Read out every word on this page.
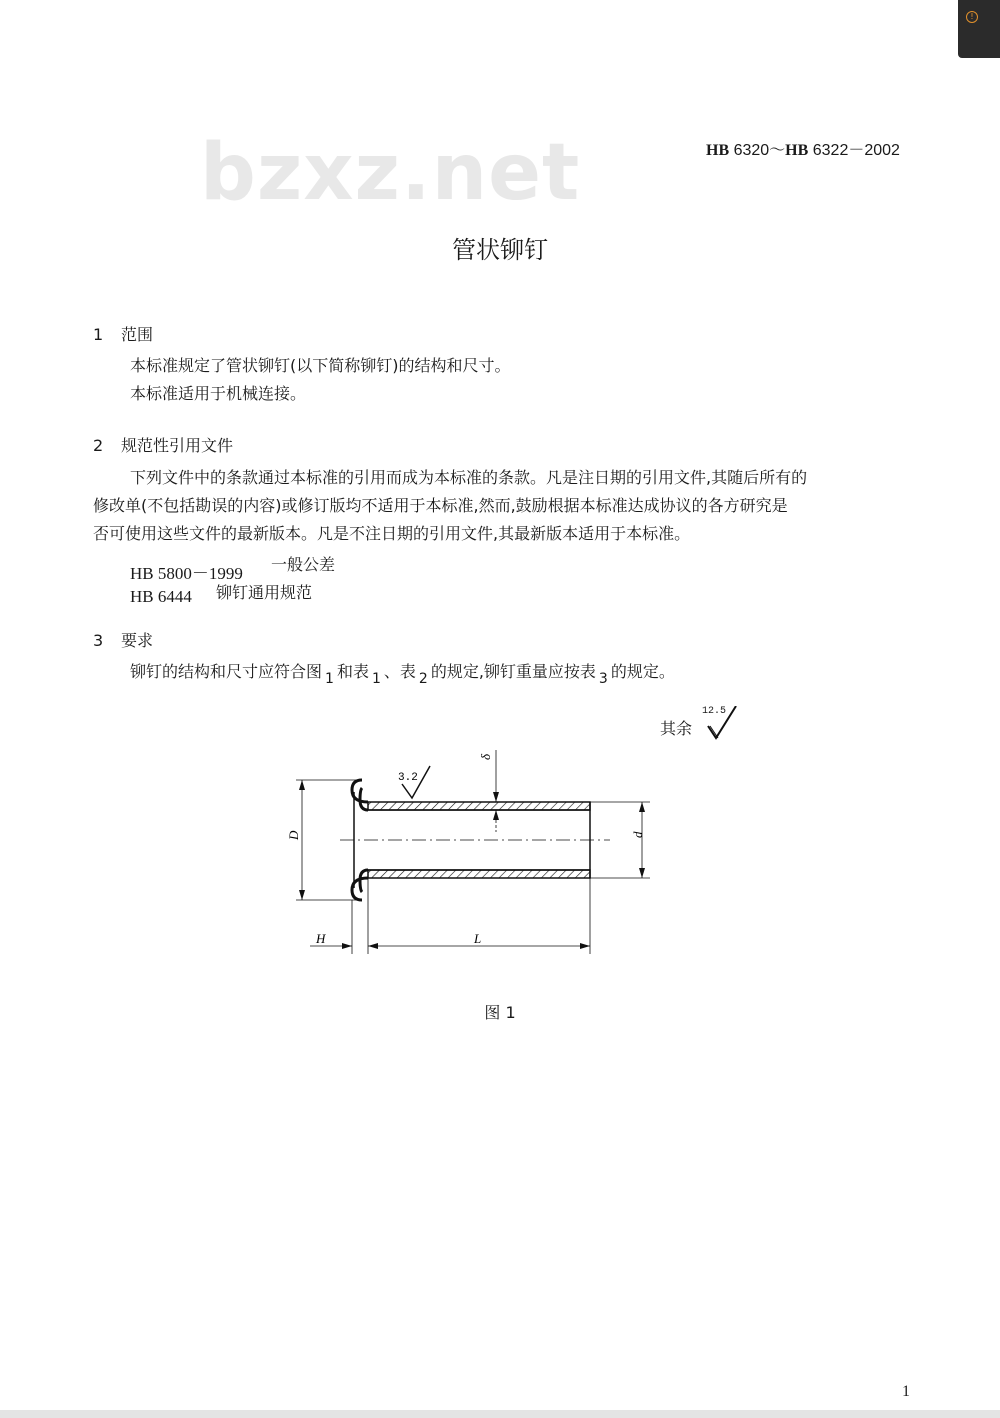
!
bzxz.net	HB 6320～HB 6322－2002
管状铆钉
1 范围
本标准规定了管状铆钉(以下简称铆钉)的结构和尺寸。
本标准适用于机械连接。
2 规范性引用文件
下列文件中的条款通过本标准的引用而成为本标准的条款。凡是注日期的引用文件,其随后所有的
修改单(不包括勘误的内容)或修订版均不适用于本标准,然而,鼓励根据本标准达成协议的各方研究是
否可使用这些文件的最新版本。凡是不注日期的引用文件,其最新版本适用于本标准。
HB 5800－1999 一般公差
HB 6444 铆钉通用规范
3 要求
铆钉的结构和尺寸应符合图 1 和表 1 、表 2 的规定,铆钉重量应按表 3 的规定。
其余
12.5
D	d
δ
3.2
H	L
图 1
1
